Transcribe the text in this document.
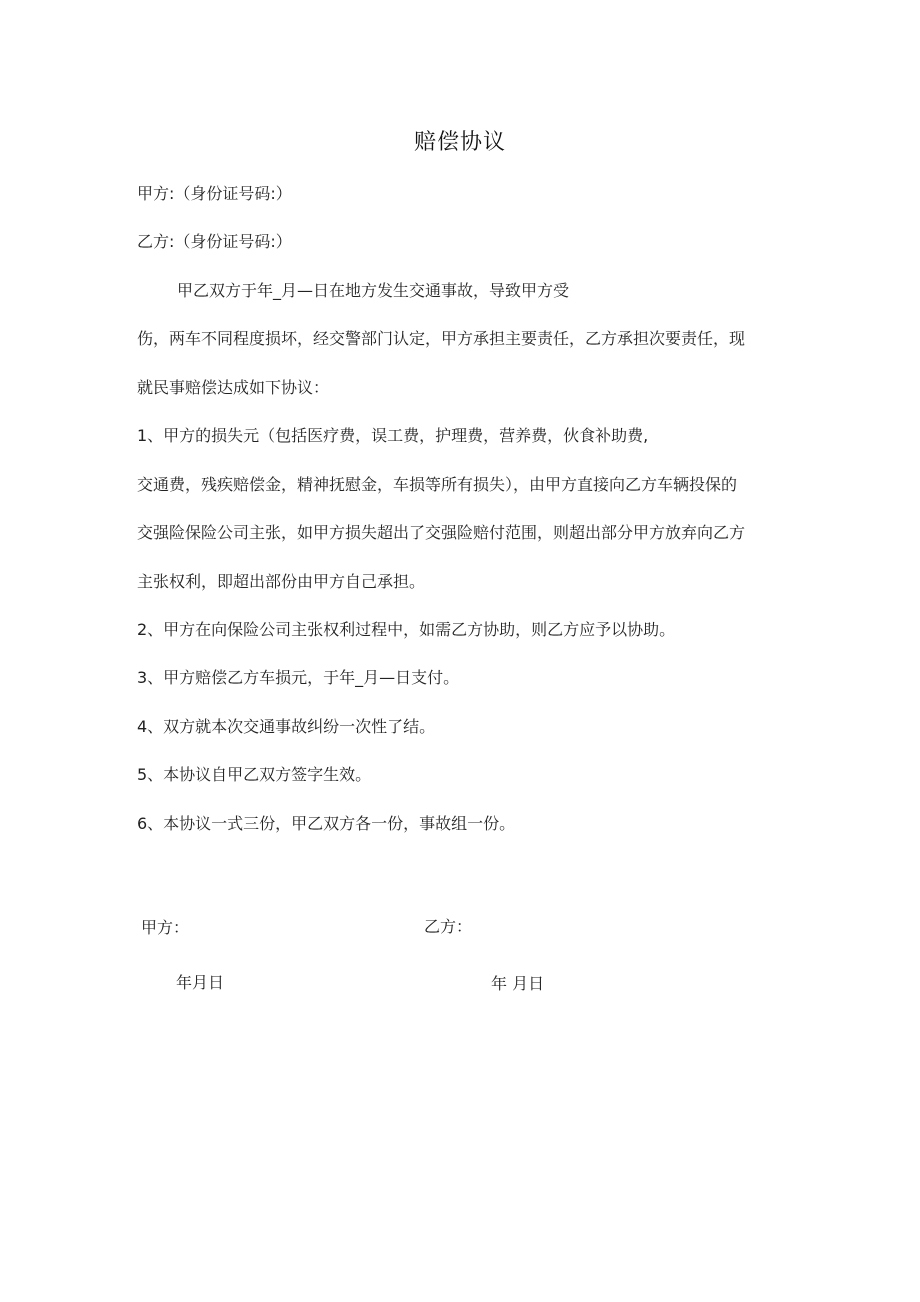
赔偿协议
甲方:（身份证号码:）
乙方:（身份证号码:）
甲乙双方于年_月—日在地方发生交通事故，导致甲方受
伤，两车不同程度损坏，经交警部门认定，甲方承担主要责任，乙方承担次要责任，现
就民事赔偿达成如下协议：
1、甲方的损失元（包括医疗费，误工费，护理费，营养费，伙食补助费,
交通费，残疾赔偿金，精神抚慰金，车损等所有损失），由甲方直接向乙方车辆投保的
交强险保险公司主张，如甲方损失超出了交强险赔付范围，则超出部分甲方放弃向乙方
主张权利，即超出部份由甲方自己承担。
2、甲方在向保险公司主张权利过程中，如需乙方协助，则乙方应予以协助。
3、甲方赔偿乙方车损元，于年_月—日支付。
4、双方就本次交通事故纠纷一次性了结。
5、本协议自甲乙双方签字生效。
6、本协议一式三份，甲乙双方各一份，事故组一份。
甲方：	乙方：
年月日	年 月日
